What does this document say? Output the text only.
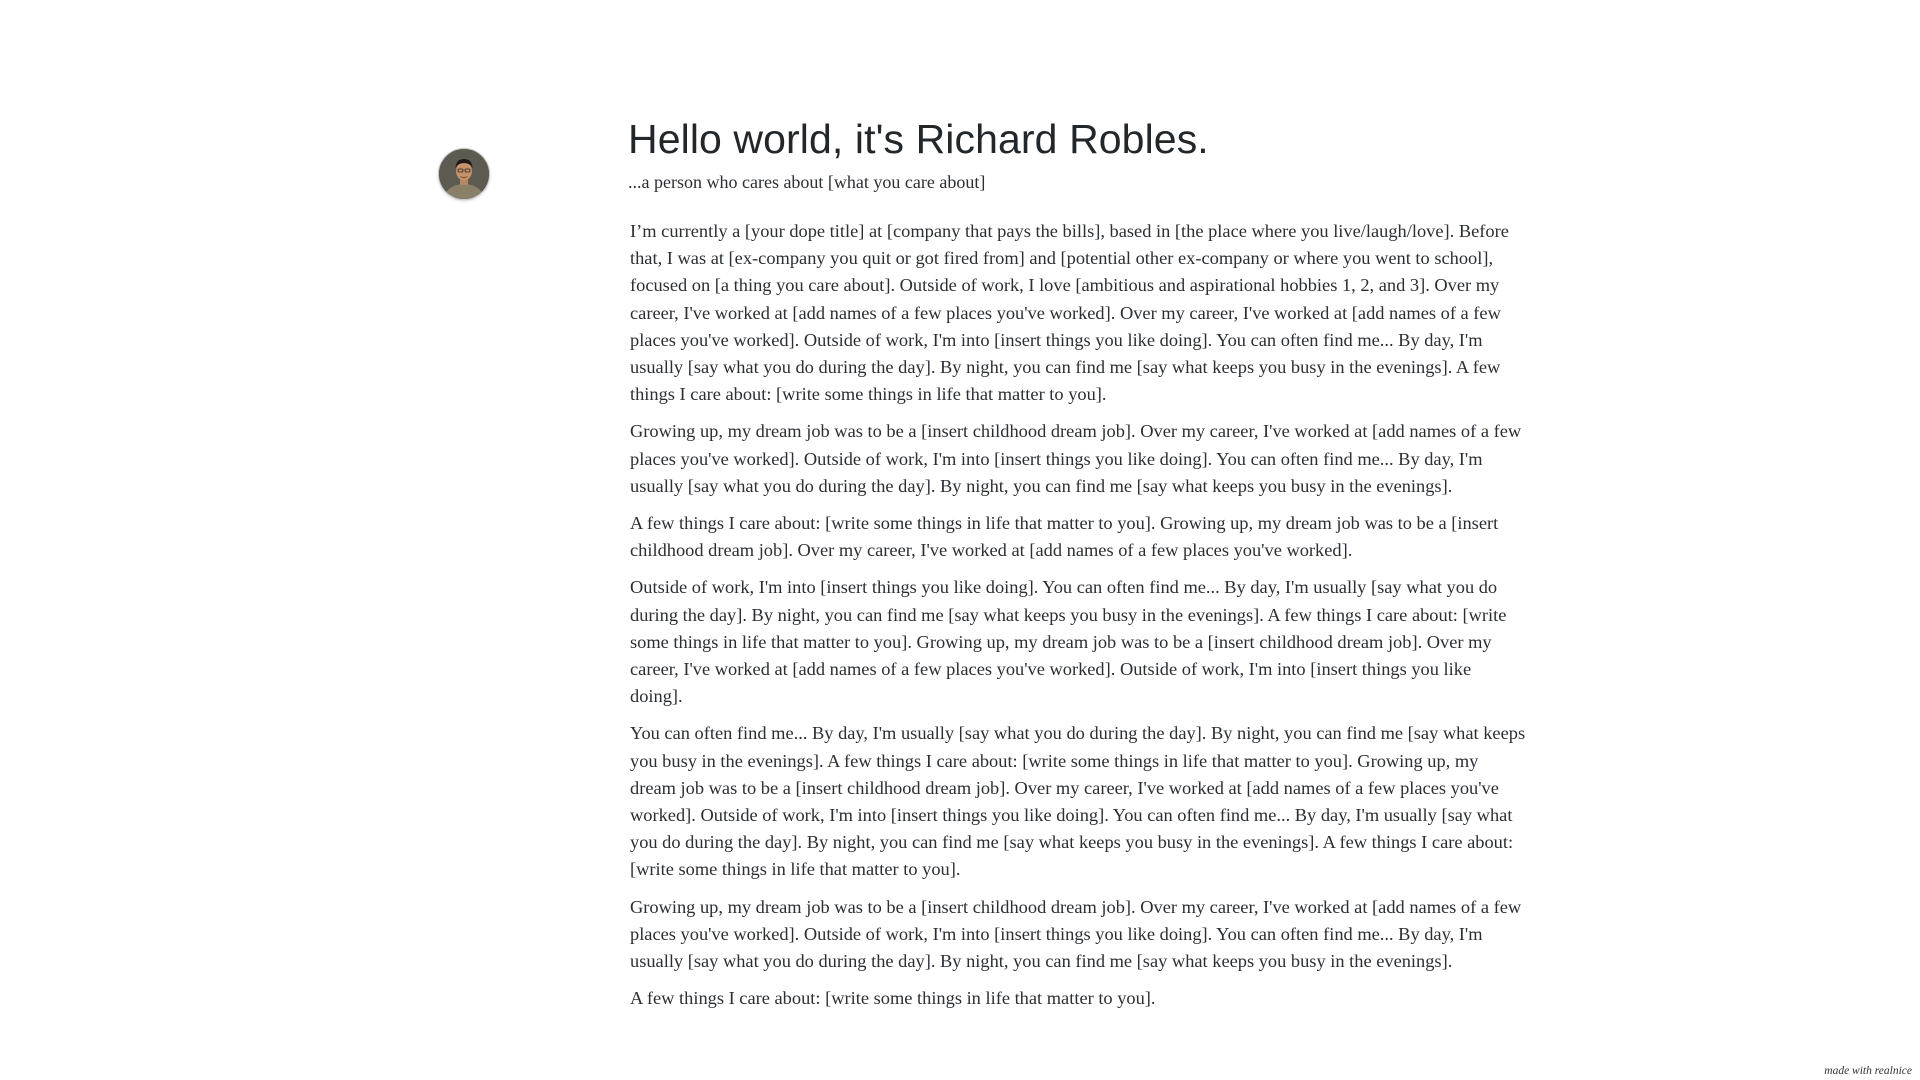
Hello world, it's Richard Robles.

...a person who cares about [what you care about]

I’m currently a [your dope title] at [company that pays the bills], based in [the place where you live/laugh/love]. Before that, I was at [ex-company you quit or got fired from] and [potential other ex-company or where you went to school], focused on [a thing you care about]. Outside of work, I love [ambitious and aspirational hobbies 1, 2, and 3]. Over my career, I've worked at [add names of a few places you've worked]. Over my career, I've worked at [add names of a few places you've worked]. Outside of work, I'm into [insert things you like doing]. You can often find me... By day, I'm usually [say what you do during the day]. By night, you can find me [say what keeps you busy in the evenings]. A few things I care about: [write some things in life that matter to you].

Growing up, my dream job was to be a [insert childhood dream job]. Over my career, I've worked at [add names of a few places you've worked]. Outside of work, I'm into [insert things you like doing]. You can often find me... By day, I'm usually [say what you do during the day]. By night, you can find me [say what keeps you busy in the evenings].

A few things I care about: [write some things in life that matter to you]. Growing up, my dream job was to be a [insert childhood dream job]. Over my career, I've worked at [add names of a few places you've worked].

Outside of work, I'm into [insert things you like doing]. You can often find me... By day, I'm usually [say what you do during the day]. By night, you can find me [say what keeps you busy in the evenings]. A few things I care about: [write some things in life that matter to you]. Growing up, my dream job was to be a [insert childhood dream job]. Over my career, I've worked at [add names of a few places you've worked]. Outside of work, I'm into [insert things you like doing].

You can often find me... By day, I'm usually [say what you do during the day]. By night, you can find me [say what keeps you busy in the evenings]. A few things I care about: [write some things in life that matter to you]. Growing up, my dream job was to be a [insert childhood dream job]. Over my career, I've worked at [add names of a few places you've worked]. Outside of work, I'm into [insert things you like doing]. You can often find me... By day, I'm usually [say what you do during the day]. By night, you can find me [say what keeps you busy in the evenings]. A few things I care about: [write some things in life that matter to you].

Growing up, my dream job was to be a [insert childhood dream job]. Over my career, I've worked at [add names of a few places you've worked]. Outside of work, I'm into [insert things you like doing]. You can often find me... By day, I'm usually [say what you do during the day]. By night, you can find me [say what keeps you busy in the evenings].

A few things I care about: [write some things in life that matter to you].

made with realnice
